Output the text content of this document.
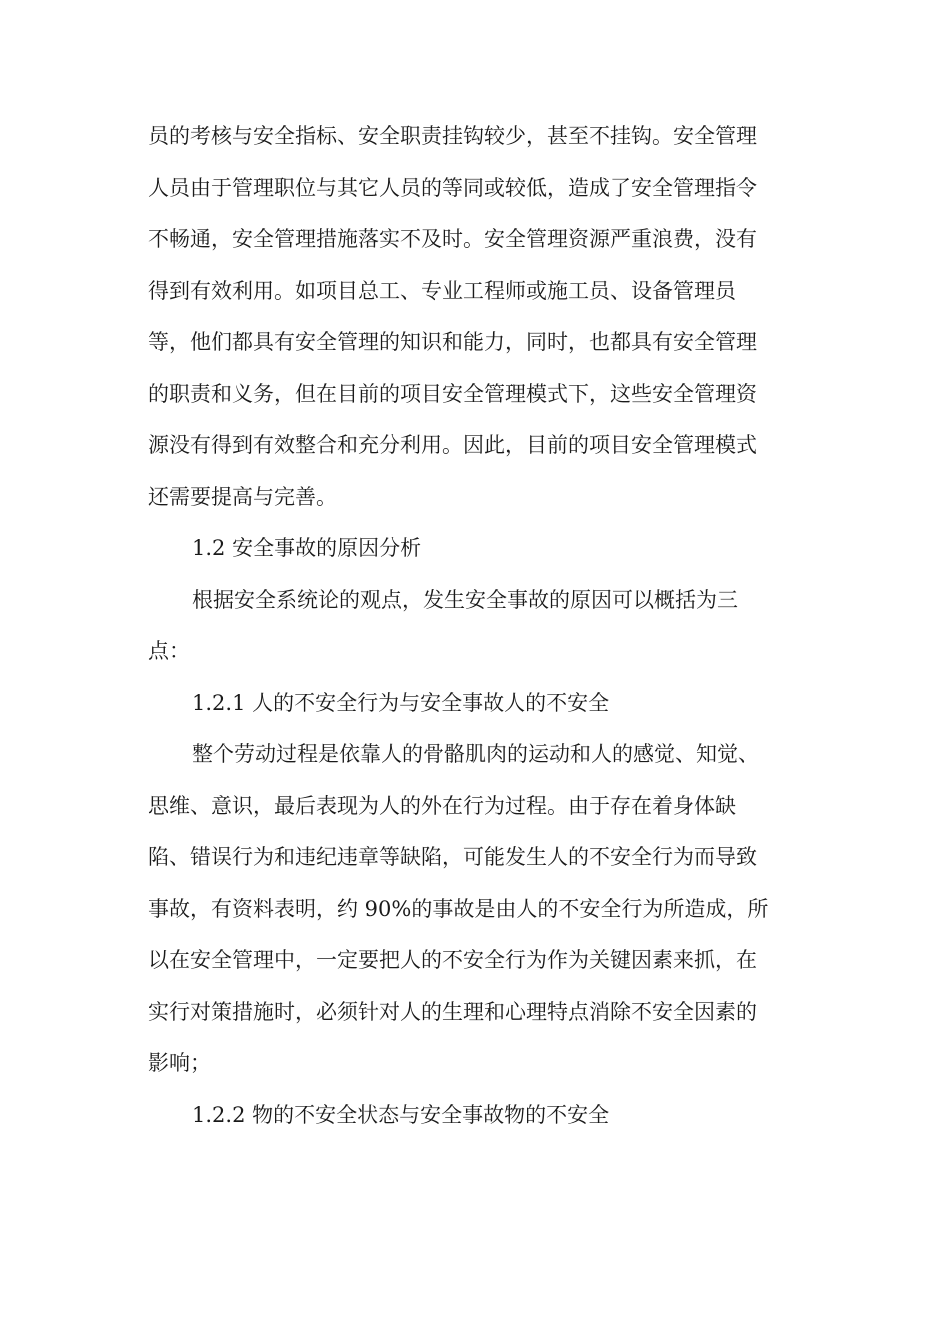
员的考核与安全指标、安全职责挂钩较少，甚至不挂钩。安全管理
人员由于管理职位与其它人员的等同或较低，造成了安全管理指令
不畅通，安全管理措施落实不及时。安全管理资源严重浪费，没有
得到有效利用。如项目总工、专业工程师或施工员、设备管理员
等，他们都具有安全管理的知识和能力，同时，也都具有安全管理
的职责和义务，但在目前的项目安全管理模式下，这些安全管理资
源没有得到有效整合和充分利用。因此，目前的项目安全管理模式
还需要提高与完善。
1.2 安全事故的原因分析
根据安全系统论的观点，发生安全事故的原因可以概括为三
点：
1.2.1 人的不安全行为与安全事故人的不安全
整个劳动过程是依靠人的骨骼肌肉的运动和人的感觉、知觉、
思维、意识，最后表现为人的外在行为过程。由于存在着身体缺
陷、错误行为和违纪违章等缺陷，可能发生人的不安全行为而导致
事故，有资料表明，约 90%的事故是由人的不安全行为所造成，所
以在安全管理中，一定要把人的不安全行为作为关键因素来抓，在
实行对策措施时，必须针对人的生理和心理特点消除不安全因素的
影响；
1.2.2 物的不安全状态与安全事故物的不安全
